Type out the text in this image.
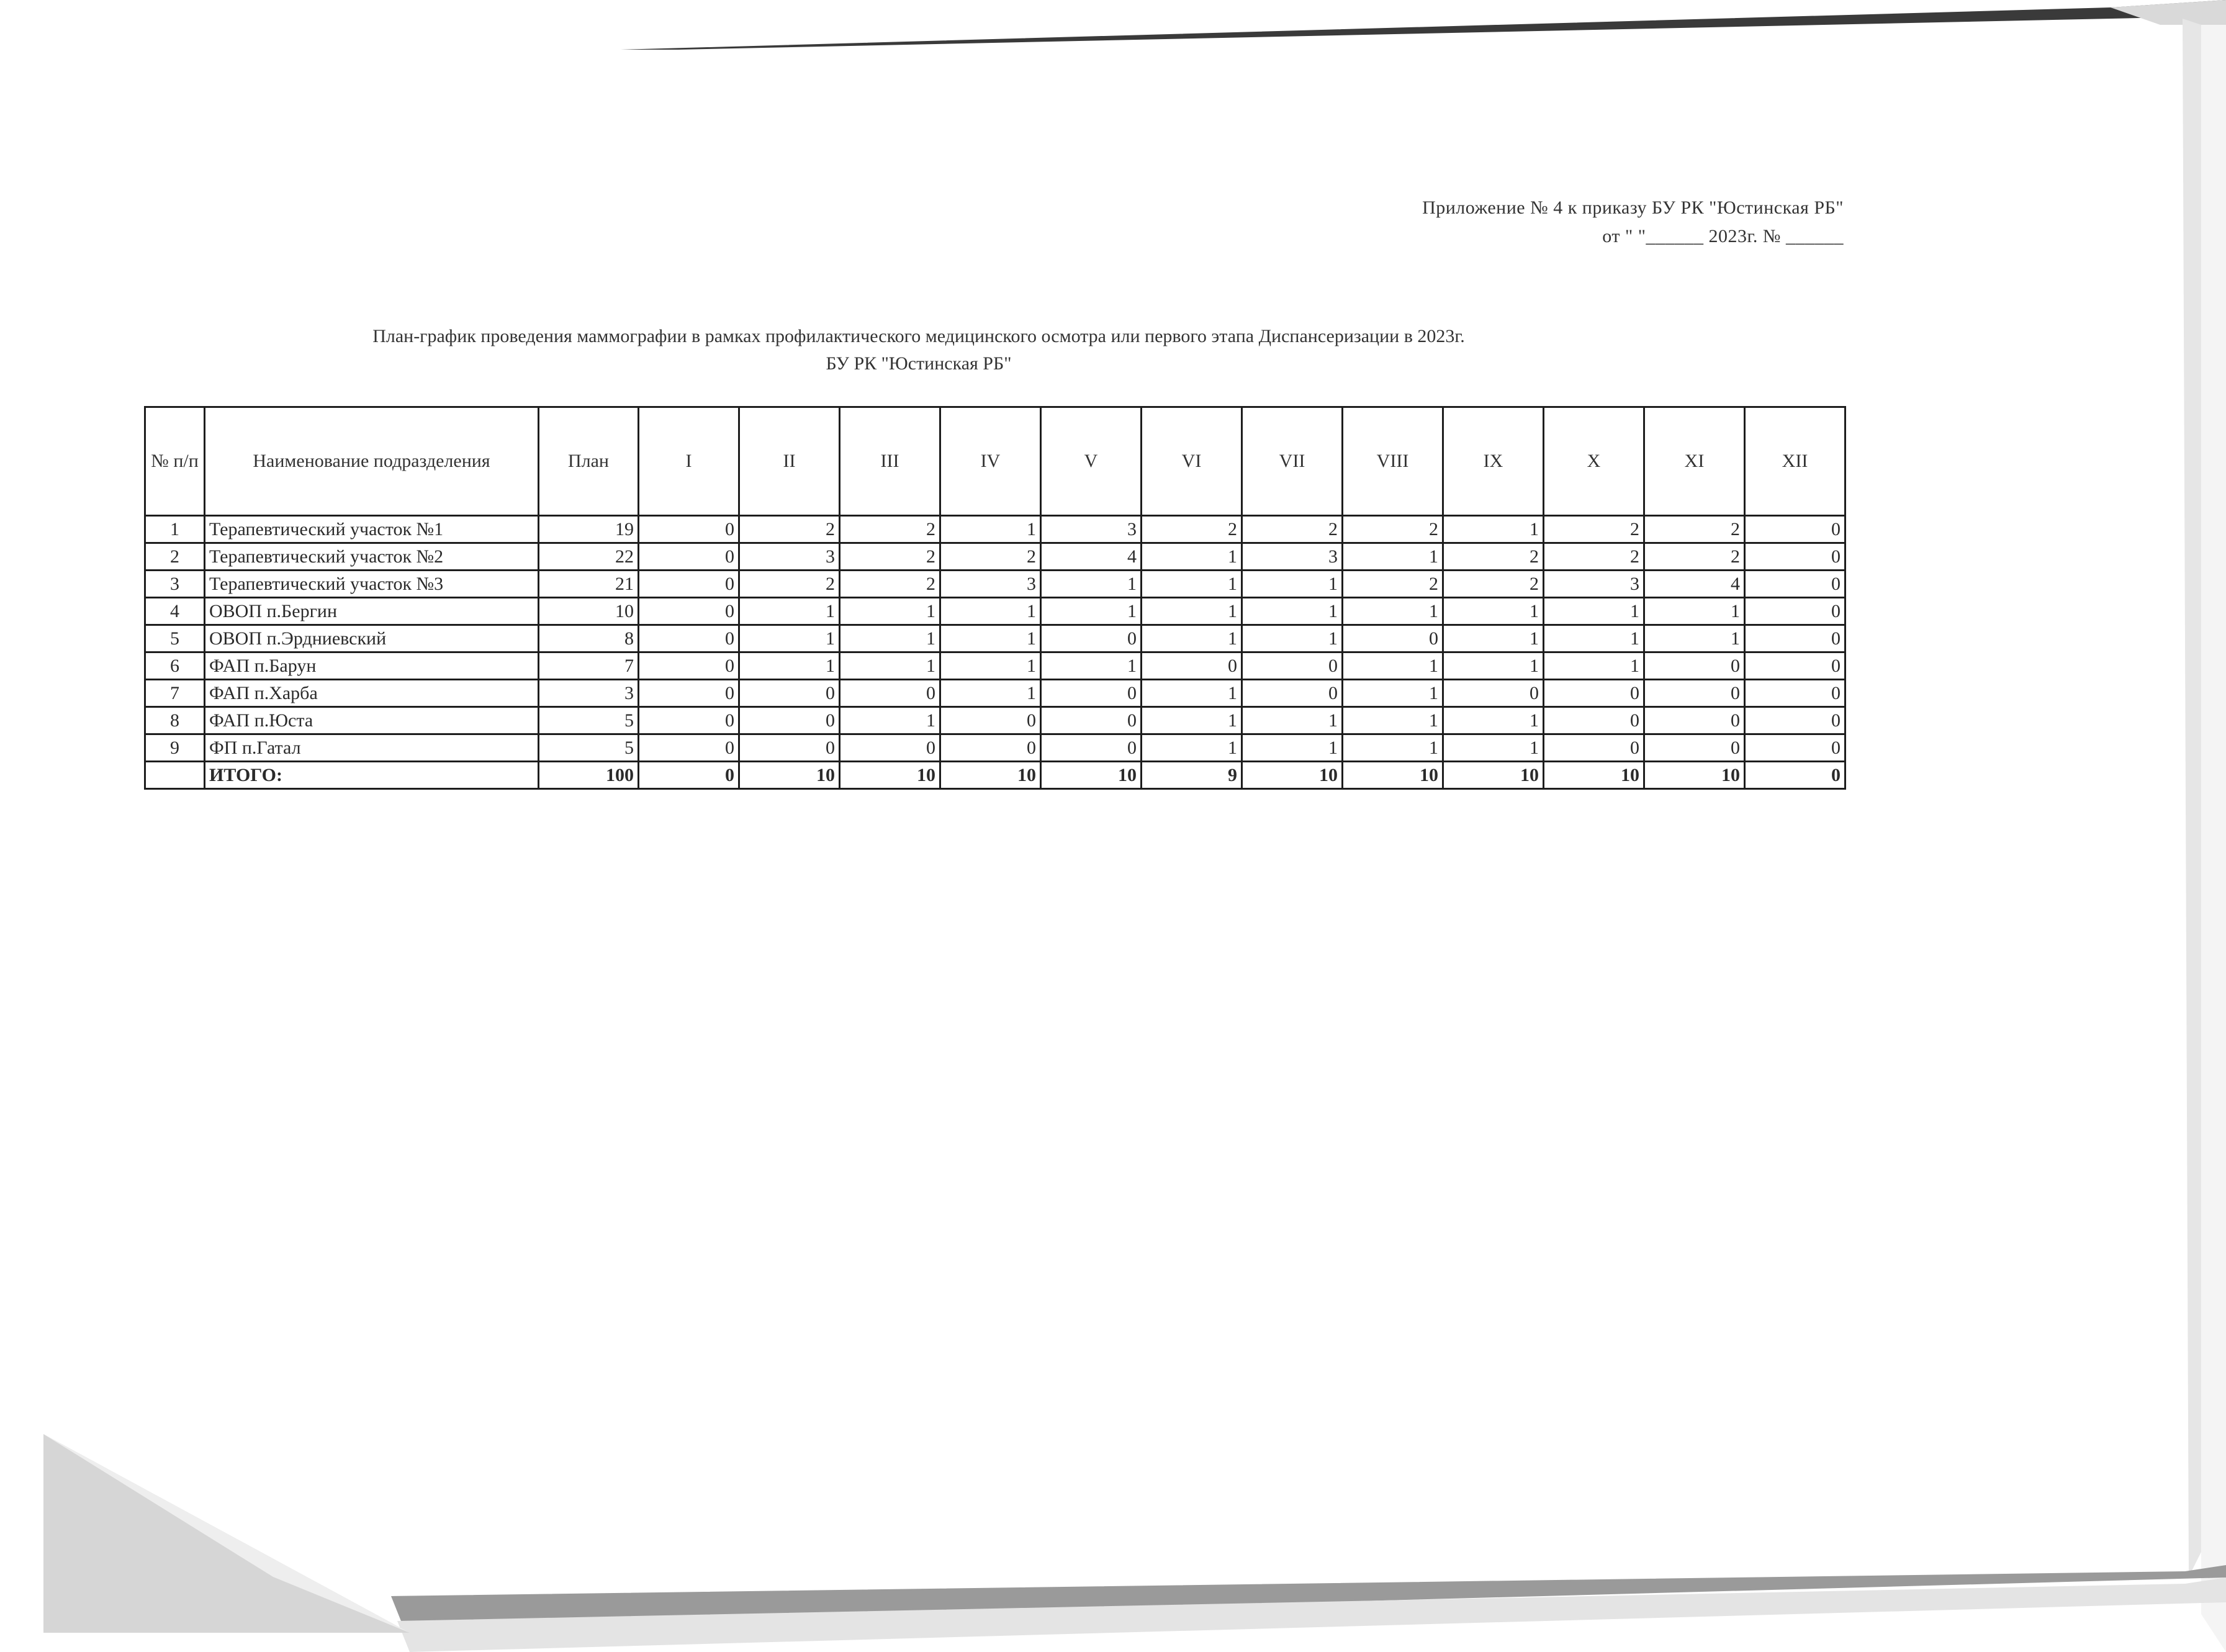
Приложение № 4 к приказу БУ РК "Юстинская РБ"
от " "______ 2023г. № ______
План-график проведения маммографии в рамках профилактического медицинского осмотра или первого этапа Диспансеризации в 2023г.
БУ РК "Юстинская РБ"
№ п/п	Наименование подразделения	План	I	II	III	IV	V	VI	VII	VIII	IX	X	XI	XII
1	Терапевтический участок №1	19	0	2	2	1	3	2	2	2	1	2	2	0
2	Терапевтический участок №2	22	0	3	2	2	4	1	3	1	2	2	2	0
3	Терапевтический участок №3	21	0	2	2	3	1	1	1	2	2	3	4	0
4	ОВОП п.Бергин	10	0	1	1	1	1	1	1	1	1	1	1	0
5	ОВОП п.Эрдниевский	8	0	1	1	1	0	1	1	0	1	1	1	0
6	ФАП п.Барун	7	0	1	1	1	1	0	0	1	1	1	0	0
7	ФАП п.Харба	3	0	0	0	1	0	1	0	1	0	0	0	0
8	ФАП п.Юста	5	0	0	1	0	0	1	1	1	1	0	0	0
9	ФП п.Гатал	5	0	0	0	0	0	1	1	1	1	0	0	0
	ИТОГО:	100	0	10	10	10	10	9	10	10	10	10	10	0
